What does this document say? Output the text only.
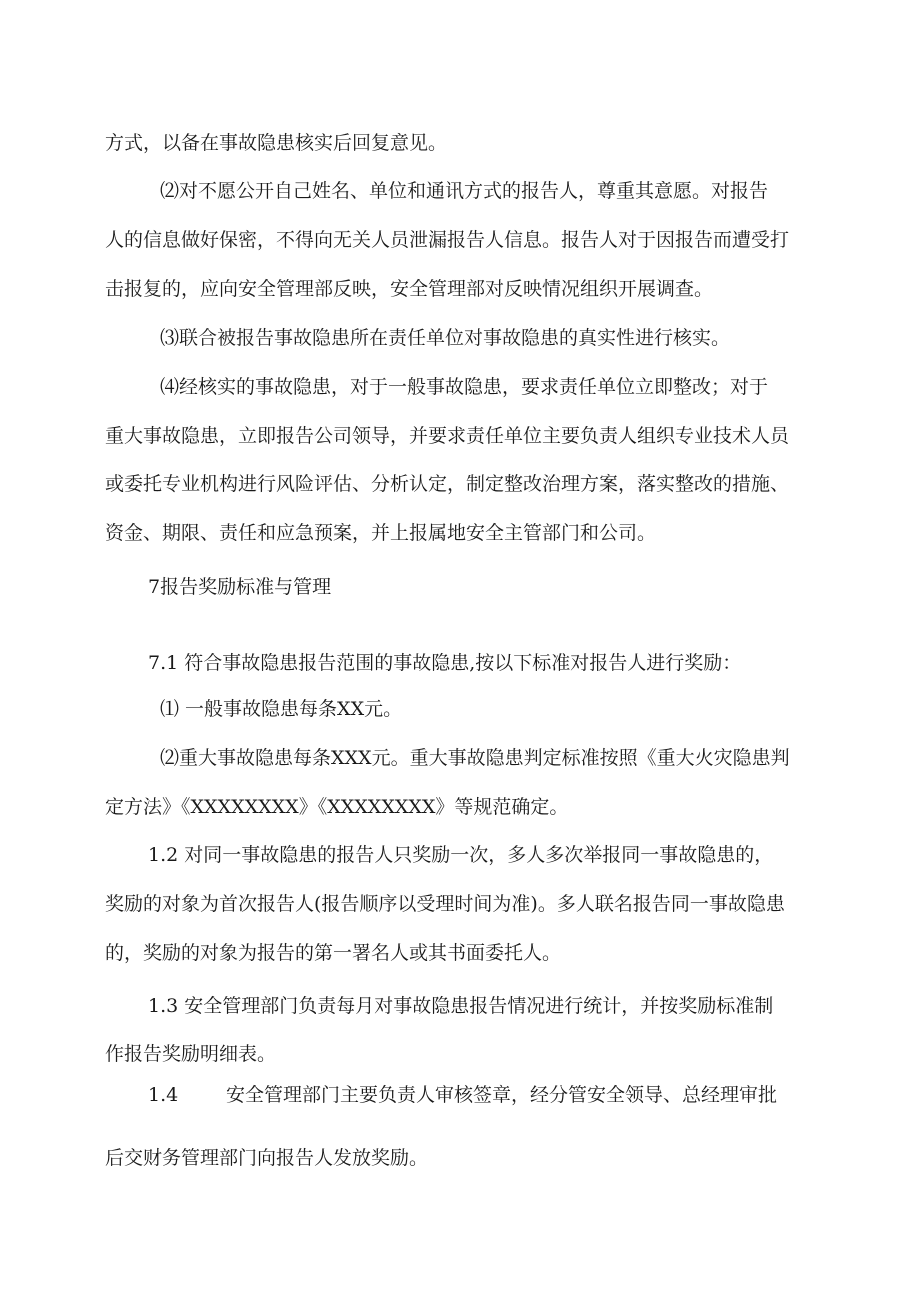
方式，以备在事故隐患核实后回复意见。
⑵对不愿公开自己姓名、单位和通讯方式的报告人，尊重其意愿。对报告
人的信息做好保密，不得向无关人员泄漏报告人信息。报告人对于因报告而遭受打
击报复的，应向安全管理部反映，安全管理部对反映情况组织开展调查。
⑶联合被报告事故隐患所在责任单位对事故隐患的真实性进行核实。
⑷经核实的事故隐患，对于一般事故隐患，要求责任单位立即整改；对于
重大事故隐患，立即报告公司领导，并要求责任单位主要负责人组织专业技术人员
或委托专业机构进行风险评估、分析认定，制定整改治理方案，落实整改的措施、
资金、期限、责任和应急预案，并上报属地安全主管部门和公司。
7报告奖励标准与管理
7.1 符合事故隐患报告范围的事故隐患,按以下标准对报告人进行奖励：
⑴ 一般事故隐患每条XX元。
⑵重大事故隐患每条XXX元。重大事故隐患判定标准按照《重大火灾隐患判
定方法》《XXXXXXXX》《XXXXXXXX》等规范确定。
1.2 对同一事故隐患的报告人只奖励一次，多人多次举报同一事故隐患的，
奖励的对象为首次报告人(报告顺序以受理时间为准)。多人联名报告同一事故隐患
的，奖励的对象为报告的第一署名人或其书面委托人。
1.3 安全管理部门负责每月对事故隐患报告情况进行统计，并按奖励标准制
作报告奖励明细表。
1.4	安全管理部门主要负责人审核签章，经分管安全领导、总经理审批
后交财务管理部门向报告人发放奖励。
